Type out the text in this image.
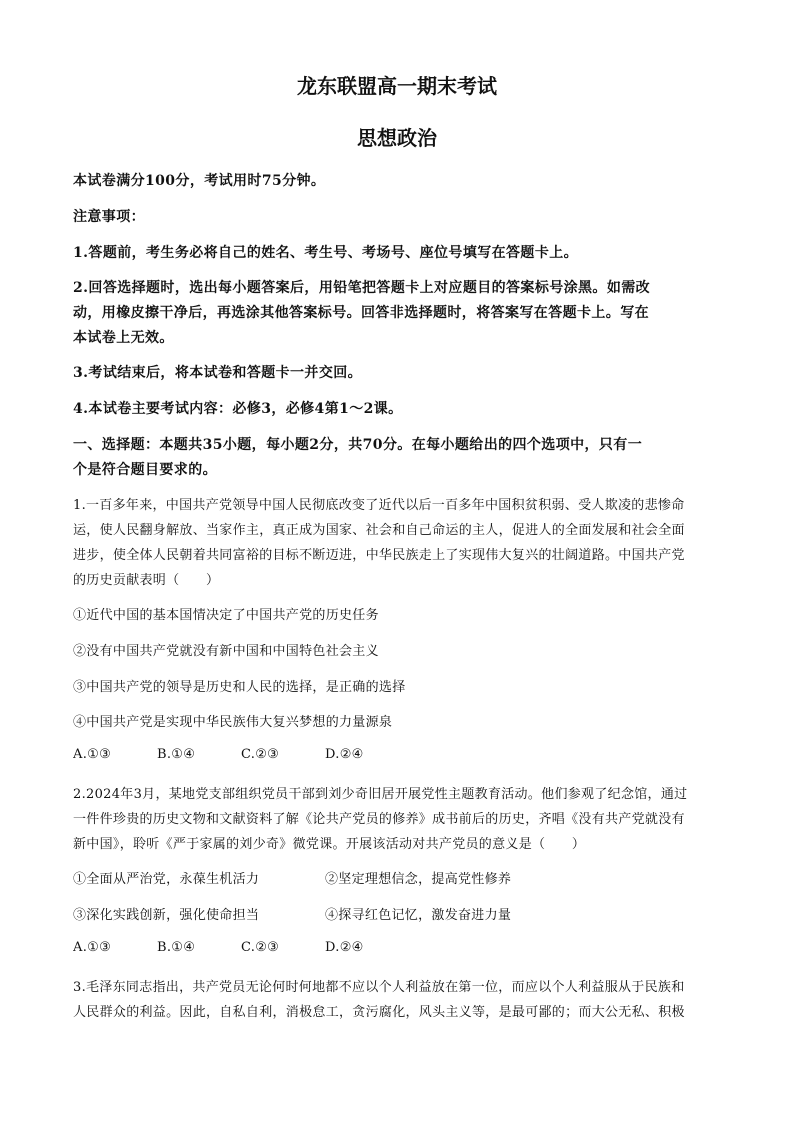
龙东联盟高一期末考试
思想政治
本试卷满分100分，考试用时75分钟。
注意事项：
1.答题前，考生务必将自己的姓名、考生号、考场号、座位号填写在答题卡上。
2.回答选择题时，选出每小题答案后，用铅笔把答题卡上对应题目的答案标号涂黑。如需改
动，用橡皮擦干净后，再选涂其他答案标号。回答非选择题时，将答案写在答题卡上。写在
本试卷上无效。
3.考试结束后，将本试卷和答题卡一并交回。
4.本试卷主要考试内容：必修3，必修4第1～2课。
一、选择题：本题共35小题，每小题2分，共70分。在每小题给出的四个选项中，只有一
个是符合题目要求的。
1.一百多年来，中国共产党领导中国人民彻底改变了近代以后一百多年中国积贫积弱、受人欺凌的悲惨命
运，使人民翻身解放、当家作主，真正成为国家、社会和自己命运的主人，促进人的全面发展和社会全面
进步，使全体人民朝着共同富裕的目标不断迈进，中华民族走上了实现伟大复兴的壮阔道路。中国共产党
的历史贡献表明（　　）
①近代中国的基本国情决定了中国共产党的历史任务
②没有中国共产党就没有新中国和中国特色社会主义
③中国共产党的领导是历史和人民的选择，是正确的选择
④中国共产党是实现中华民族伟大复兴梦想的力量源泉
A.①③	B.①④	C.②③	D.②④
2.2024年3月，某地党支部组织党员干部到刘少奇旧居开展党性主题教育活动。他们参观了纪念馆，通过
一件件珍贵的历史文物和文献资料了解《论共产党员的修养》成书前后的历史，齐唱《没有共产党就没有
新中国》，聆听《严于家属的刘少奇》微党课。开展该活动对共产党员的意义是（　　）
①全面从严治党，永葆生机活力	②坚定理想信念，提高党性修养
③深化实践创新，强化使命担当	④探寻红色记忆，激发奋进力量
A.①③	B.①④	C.②③	D.②④
3.毛泽东同志指出，共产党员无论何时何地都不应以个人利益放在第一位，而应以个人利益服从于民族和
人民群众的利益。因此，自私自利，消极怠工，贪污腐化，风头主义等，是最可鄙的；而大公无私、积极
